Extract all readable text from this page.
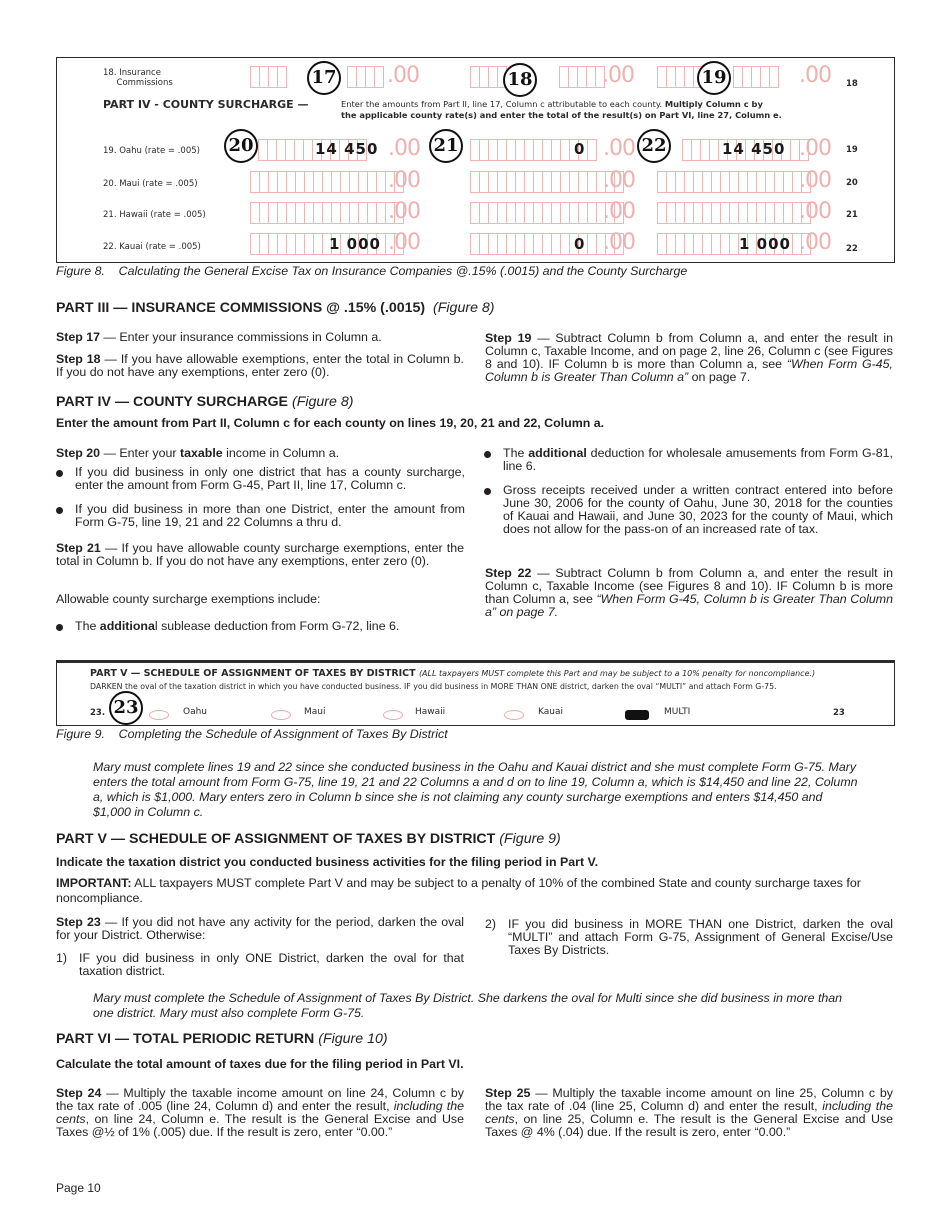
18. Insurance
Commissions	17 .00	18	.00	19	.00 18
PART IV - COUNTY SURCHARGE —	Enter the amounts from Part II, line 17, Column c attributable to each county. Multiply Column c by
the applicable county rate(s) and enter the total of the result(s) on Part VI, line 27, Column e.
19. Oahu (rate = .005) 20	14 450 .00 21	0 .00 22	14 450 .00 19
20. Maui (rate = .005)	.00	.00	.00 20
21. Hawaii (rate = .005)	.00	.00	.00 21
22. Kauai (rate = .005)	1 000 .00	0 .00	1 000 .00 22
Figure 8.    Calculating the General Excise Tax on Insurance Companies @.15% (.0015) and the County Surcharge
PART III — INSURANCE COMMISSIONS @ .15% (.0015) (Figure 8)
Step 17 — Enter your insurance commissions in Column a.
Step 18 — If you have allowable exemptions, enter the total in Column b. If you do not have any exemptions, enter zero (0).
Step 19 — Subtract Column b from Column a, and enter the result in Column c, Taxable Income, and on page 2, line 26, Column c (see Figures 8 and 10). IF Column b is more than Column a, see “When Form G-45, Column b is Greater Than Column a” on page 7.
PART IV — COUNTY SURCHARGE (Figure 8)
Enter the amount from Part II, Column c for each county on lines 19, 20, 21 and 22, Column a.
Step 20 — Enter your taxable income in Column a.
If you did business in only one district that has a county surcharge, enter the amount from Form G-45, Part II, line 17, Column c.
If you did business in more than one District, enter the amount from Form G-75, line 19, 21 and 22 Columns a thru d.
Step 21 — If you have allowable county surcharge exemptions, enter the total in Column b. If you do not have any exemptions, enter zero (0).
Allowable county surcharge exemptions include:
The additional sublease deduction from Form G-72, line 6.
The additional deduction for wholesale amusements from Form G-81, line 6.
Gross receipts received under a written contract entered into before June 30, 2006 for the county of Oahu, June 30, 2018 for the counties of Kauai and Hawaii, and June 30, 2023 for the county of Maui, which does not allow for the pass-on of an increased rate of tax.
Step 22 — Subtract Column b from Column a, and enter the result in Column c, Taxable Income (see Figures 8 and 10). IF Column b is more than Column a, see “When Form G-45, Column b is Greater Than Column a” on page 7.
PART V — SCHEDULE OF ASSIGNMENT OF TAXES BY DISTRICT (ALL taxpayers MUST complete this Part and may be subject to a 10% penalty for noncompliance.)
DARKEN the oval of the taxation district in which you have conducted business. IF you did business in MORE THAN ONE district, darken the oval “MULTI” and attach Form G-75.
23. 23	Oahu	Maui	Hawaii	Kauai	MULTI	23
Figure 9.    Completing the Schedule of Assignment of Taxes By District
Mary must complete lines 19 and 22 since she conducted business in the Oahu and Kauai district and she must complete Form G-75. Mary enters the total amount from Form G-75, line 19, 21 and 22 Columns a and d on to line 19, Column a, which is $14,450 and line 22, Column a, which is $1,000. Mary enters zero in Column b since she is not claiming any county surcharge exemptions and enters $14,450 and $1,000 in Column c.
PART V — SCHEDULE OF ASSIGNMENT OF TAXES BY DISTRICT (Figure 9)
Indicate the taxation district you conducted business activities for the filing period in Part V.
IMPORTANT: ALL taxpayers MUST complete Part V and may be subject to a penalty of 10% of the combined State and county surcharge taxes for noncompliance.
Step 23 — If you did not have any activity for the period, darken the oval for your District. Otherwise:
1) IF you did business in only ONE District, darken the oval for that taxation district.
2) IF you did business in MORE THAN one District, darken the oval “MULTI” and attach Form G-75, Assignment of General Excise/Use Taxes By Districts.
Mary must complete the Schedule of Assignment of Taxes By District. She darkens the oval for Multi since she did business in more than one district. Mary must also complete Form G-75.
PART VI — TOTAL PERIODIC RETURN (Figure 10)
Calculate the total amount of taxes due for the filing period in Part VI.
Step 24 — Multiply the taxable income amount on line 24, Column c by the tax rate of .005 (line 24, Column d) and enter the result, including the cents, on line 24, Column e. The result is the General Excise and Use Taxes @½ of 1% (.005) due. If the result is zero, enter “0.00.”
Step 25 — Multiply the taxable income amount on line 25, Column c by the tax rate of .04 (line 25, Column d) and enter the result, including the cents, on line 25, Column e. The result is the General Excise and Use Taxes @ 4% (.04) due. If the result is zero, enter “0.00.”
Page 10
